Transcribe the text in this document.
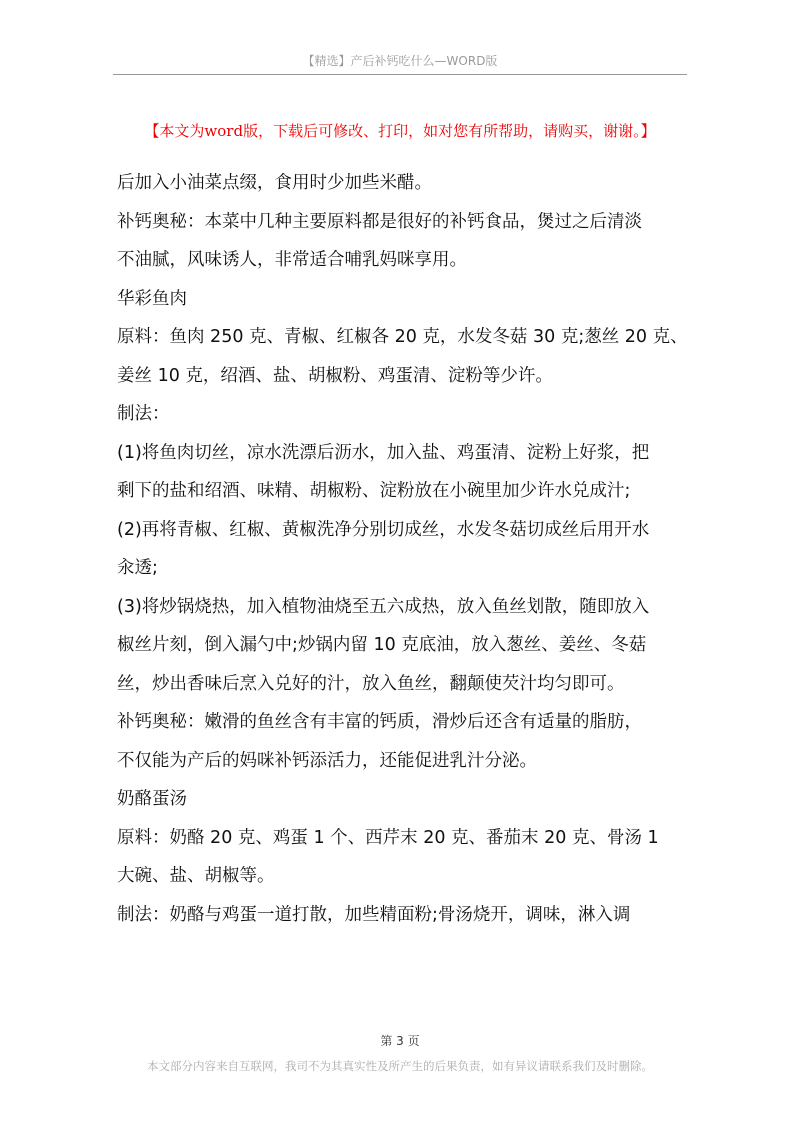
【精选】产后补钙吃什么—WORD版
【本文为word版，下载后可修改、打印，如对您有所帮助，请购买，谢谢。】
后加入小油菜点缀，食用时少加些米醋。
补钙奥秘：本菜中几种主要原料都是很好的补钙食品，煲过之后清淡
不油腻，风味诱人，非常适合哺乳妈咪享用。
华彩鱼肉
原料：鱼肉 250 克、青椒、红椒各 20 克，水发冬菇 30 克;葱丝 20 克、
姜丝 10 克，绍酒、盐、胡椒粉、鸡蛋清、淀粉等少许。
制法：
(1)将鱼肉切丝，凉水洗漂后沥水，加入盐、鸡蛋清、淀粉上好浆，把
剩下的盐和绍酒、味精、胡椒粉、淀粉放在小碗里加少许水兑成汁;
(2)再将青椒、红椒、黄椒洗净分别切成丝，水发冬菇切成丝后用开水
汆透;
(3)将炒锅烧热，加入植物油烧至五六成热，放入鱼丝划散，随即放入
椒丝片刻，倒入漏勺中;炒锅内留 10 克底油，放入葱丝、姜丝、冬菇
丝，炒出香味后烹入兑好的汁，放入鱼丝，翻颠使芡汁均匀即可。
补钙奥秘：嫩滑的鱼丝含有丰富的钙质，滑炒后还含有适量的脂肪，
不仅能为产后的妈咪补钙添活力，还能促进乳汁分泌。
奶酪蛋汤
原料：奶酪 20 克、鸡蛋 1 个、西芹末 20 克、番茄末 20 克、骨汤 1
大碗、盐、胡椒等。
制法：奶酪与鸡蛋一道打散，加些精面粉;骨汤烧开，调味，淋入调
第 3 页
本文部分内容来自互联网，我司不为其真实性及所产生的后果负责，如有异议请联系我们及时删除。
